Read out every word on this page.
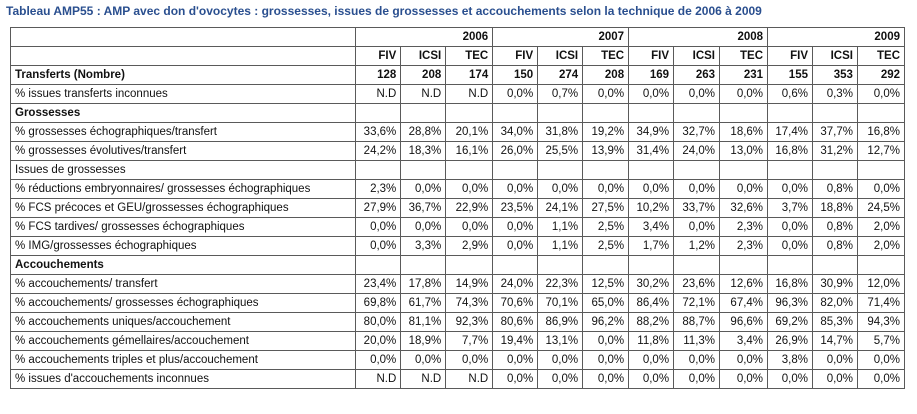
Tableau AMP55 : AMP avec don d'ovocytes : grossesses, issues de grossesses et accouchements selon la technique de 2006 à 2009
	2006			2007			2008			2009		
	FIV	ICSI	TEC	FIV	ICSI	TEC	FIV	ICSI	TEC	FIV	ICSI	TEC
Transferts (Nombre)	128	208	174	150	274	208	169	263	231	155	353	292
% issues transferts inconnues	N.D	N.D	N.D	0,0%	0,7%	0,0%	0,0%	0,0%	0,0%	0,6%	0,3%	0,0%
Grossesses												
% grossesses échographiques/transfert	33,6%	28,8%	20,1%	34,0%	31,8%	19,2%	34,9%	32,7%	18,6%	17,4%	37,7%	16,8%
% grossesses évolutives/transfert	24,2%	18,3%	16,1%	26,0%	25,5%	13,9%	31,4%	24,0%	13,0%	16,8%	31,2%	12,7%
Issues de grossesses												
% réductions embryonnaires/ grossesses échographiques	2,3%	0,0%	0,0%	0,0%	0,0%	0,0%	0,0%	0,0%	0,0%	0,0%	0,8%	0,0%
% FCS précoces et GEU/grossesses échographiques	27,9%	36,7%	22,9%	23,5%	24,1%	27,5%	10,2%	33,7%	32,6%	3,7%	18,8%	24,5%
% FCS tardives/ grossesses échographiques	0,0%	0,0%	0,0%	0,0%	1,1%	2,5%	3,4%	0,0%	2,3%	0,0%	0,8%	2,0%
% IMG/grossesses échographiques	0,0%	3,3%	2,9%	0,0%	1,1%	2,5%	1,7%	1,2%	2,3%	0,0%	0,8%	2,0%
Accouchements												
% accouchements/ transfert	23,4%	17,8%	14,9%	24,0%	22,3%	12,5%	30,2%	23,6%	12,6%	16,8%	30,9%	12,0%
% accouchements/ grossesses échographiques	69,8%	61,7%	74,3%	70,6%	70,1%	65,0%	86,4%	72,1%	67,4%	96,3%	82,0%	71,4%
% accouchements uniques/accouchement	80,0%	81,1%	92,3%	80,6%	86,9%	96,2%	88,2%	88,7%	96,6%	69,2%	85,3%	94,3%
% accouchements gémellaires/accouchement	20,0%	18,9%	7,7%	19,4%	13,1%	0,0%	11,8%	11,3%	3,4%	26,9%	14,7%	5,7%
% accouchements triples et plus/accouchement	0,0%	0,0%	0,0%	0,0%	0,0%	0,0%	0,0%	0,0%	0,0%	3,8%	0,0%	0,0%
% issues d'accouchements inconnues	N.D	N.D	N.D	0,0%	0,0%	0,0%	0,0%	0,0%	0,0%	0,0%	0,0%	0,0%
